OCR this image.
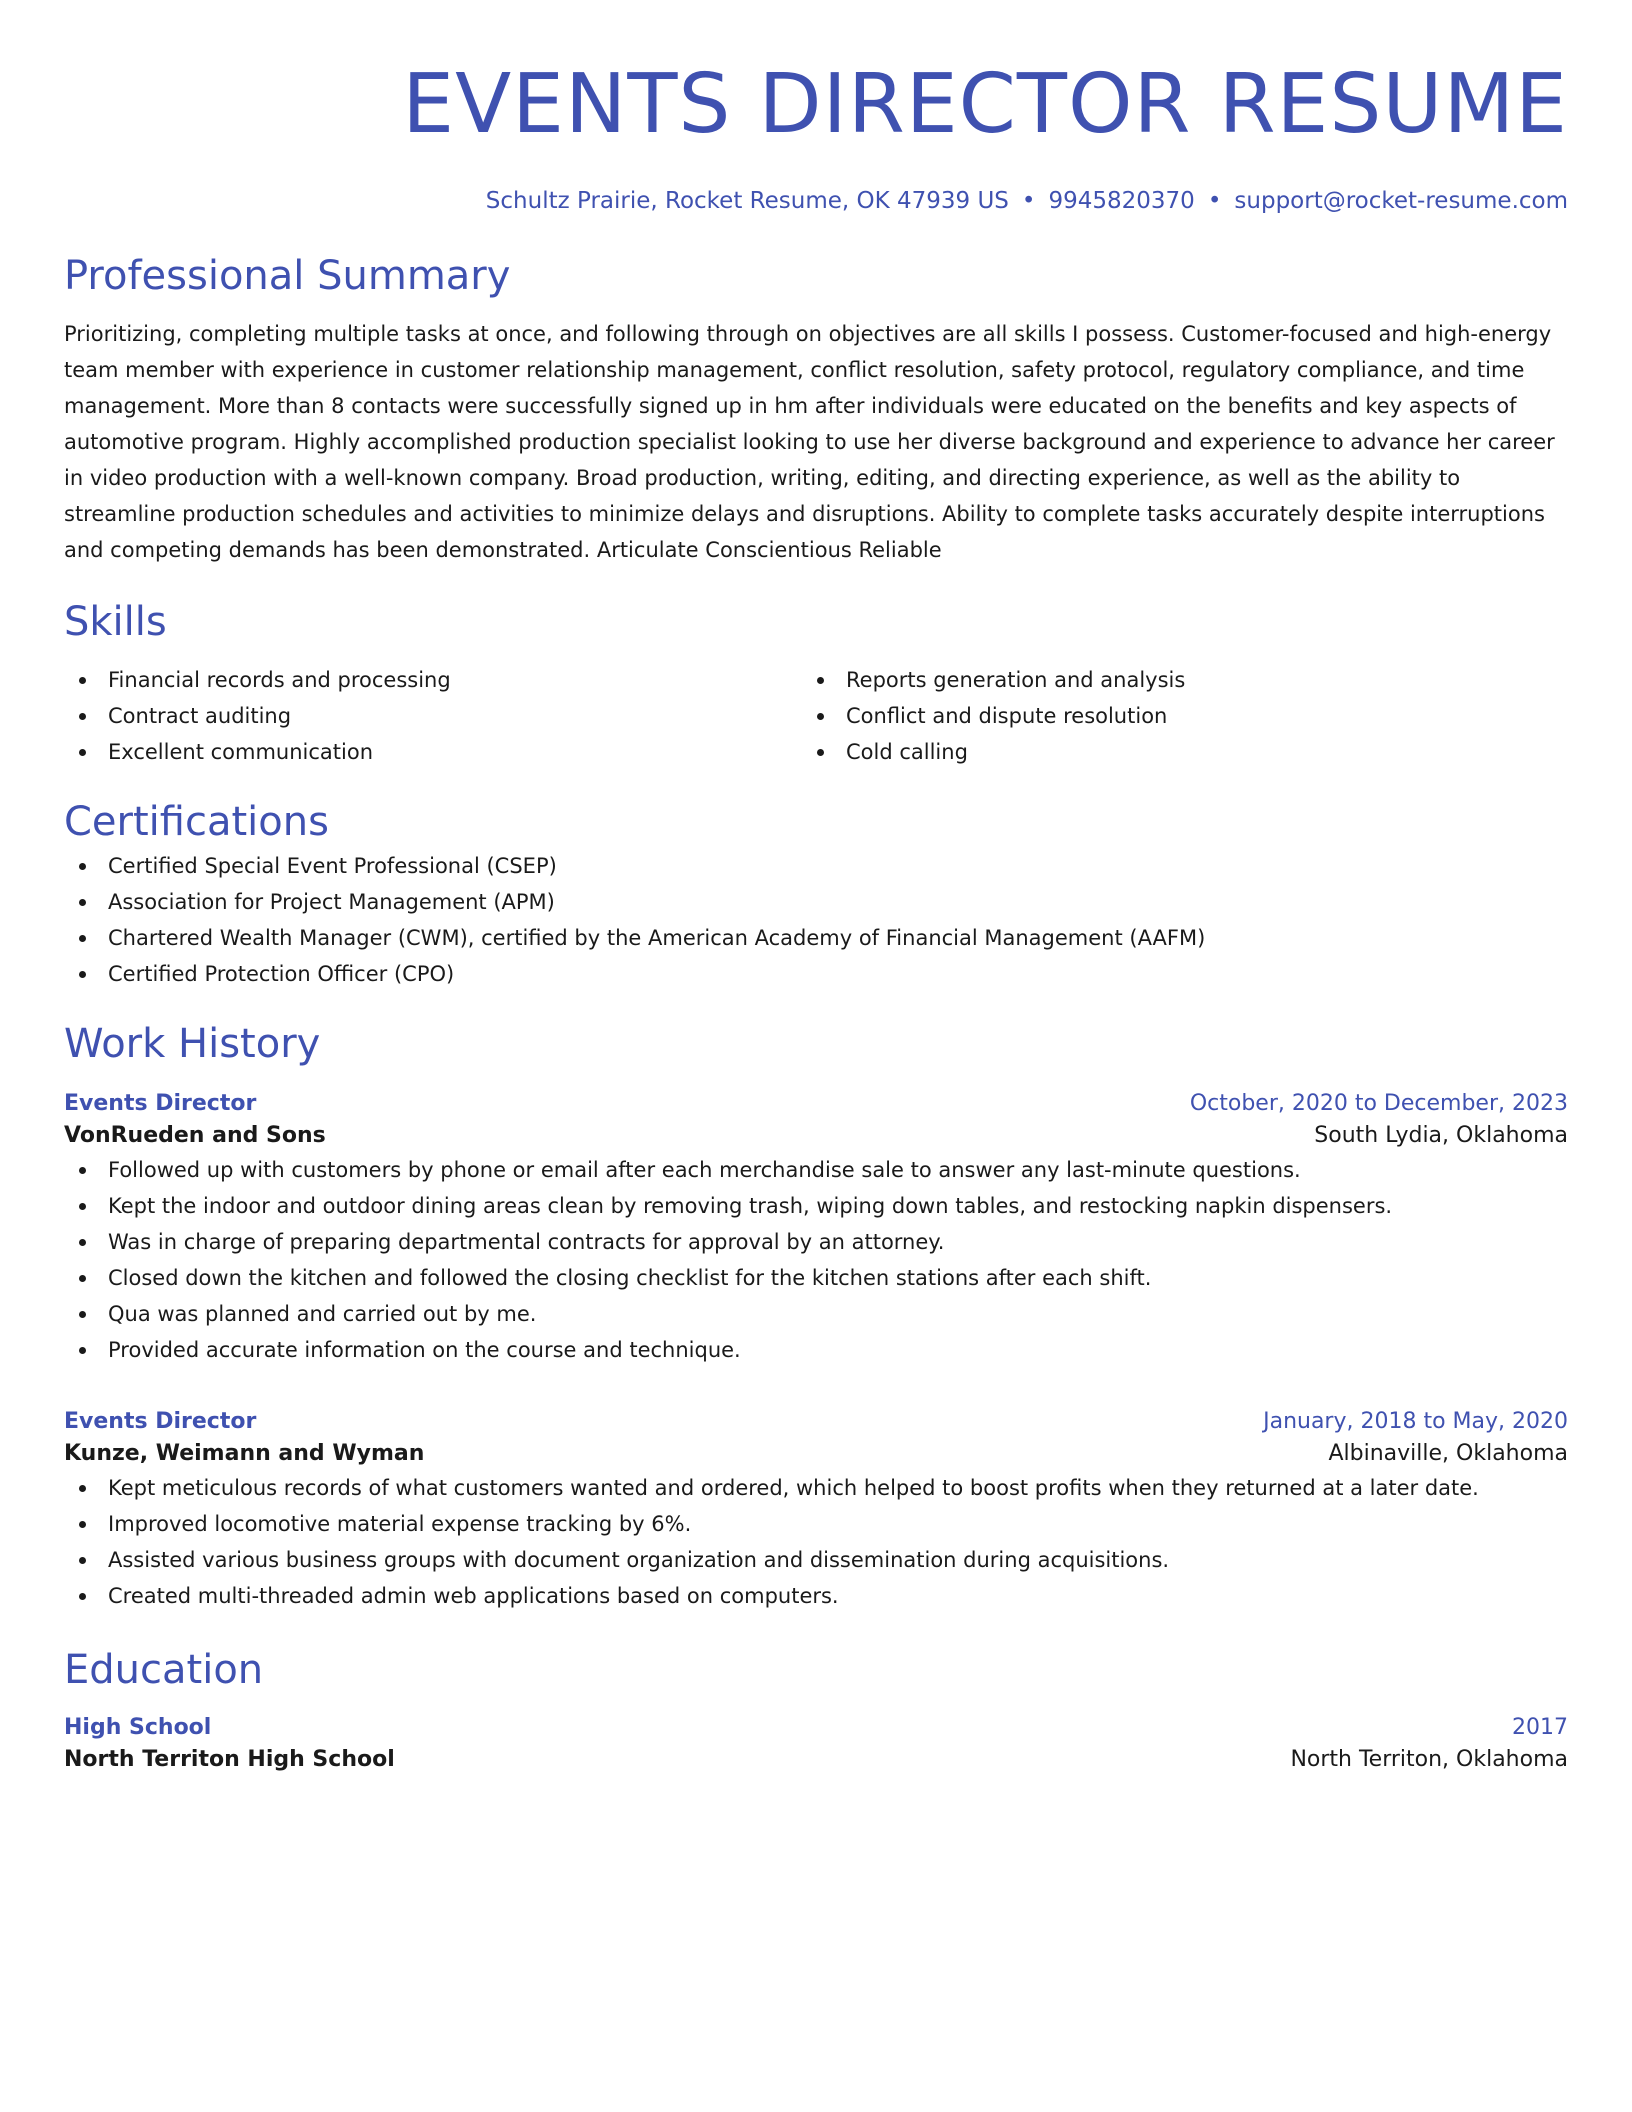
EVENTS DIRECTOR RESUME
Schultz Prairie, Rocket Resume, OK 47939 US • 9945820370 • support@rocket-resume.com
Professional Summary

Prioritizing, completing multiple tasks at once, and following through on objectives are all skills I possess. Customer-focused and high-energy team member with experience in customer relationship management, conflict resolution, safety protocol, regulatory compliance, and time management. More than 8 contacts were successfully signed up in hm after individuals were educated on the benefits and key aspects of automotive program. Highly accomplished production specialist looking to use her diverse background and experience to advance her career in video production with a well-known company. Broad production, writing, editing, and directing experience, as well as the ability to streamline production schedules and activities to minimize delays and disruptions. Ability to complete tasks accurately despite interruptions and competing demands has been demonstrated. Articulate Conscientious Reliable

Skills
Financial records and processing
Contract auditing
Excellent communication
Reports generation and analysis
Conflict and dispute resolution
Cold calling
Certifications
Certified Special Event Professional (CSEP)
Association for Project Management (APM)
Chartered Wealth Manager (CWM), certified by the American Academy of Financial Management (AAFM)
Certified Protection Officer (CPO)
Work History
Events Director	October, 2020 to December, 2023
VonRueden and Sons	South Lydia, Oklahoma
Followed up with customers by phone or email after each merchandise sale to answer any last-minute questions.
Kept the indoor and outdoor dining areas clean by removing trash, wiping down tables, and restocking napkin dispensers.
Was in charge of preparing departmental contracts for approval by an attorney.
Closed down the kitchen and followed the closing checklist for the kitchen stations after each shift.
Qua was planned and carried out by me.
Provided accurate information on the course and technique.
Events Director	January, 2018 to May, 2020
Kunze, Weimann and Wyman	Albinaville, Oklahoma
Kept meticulous records of what customers wanted and ordered, which helped to boost profits when they returned at a later date.
Improved locomotive material expense tracking by 6%.
Assisted various business groups with document organization and dissemination during acquisitions.
Created multi-threaded admin web applications based on computers.
Education
High School	2017
North Territon High School	North Territon, Oklahoma
